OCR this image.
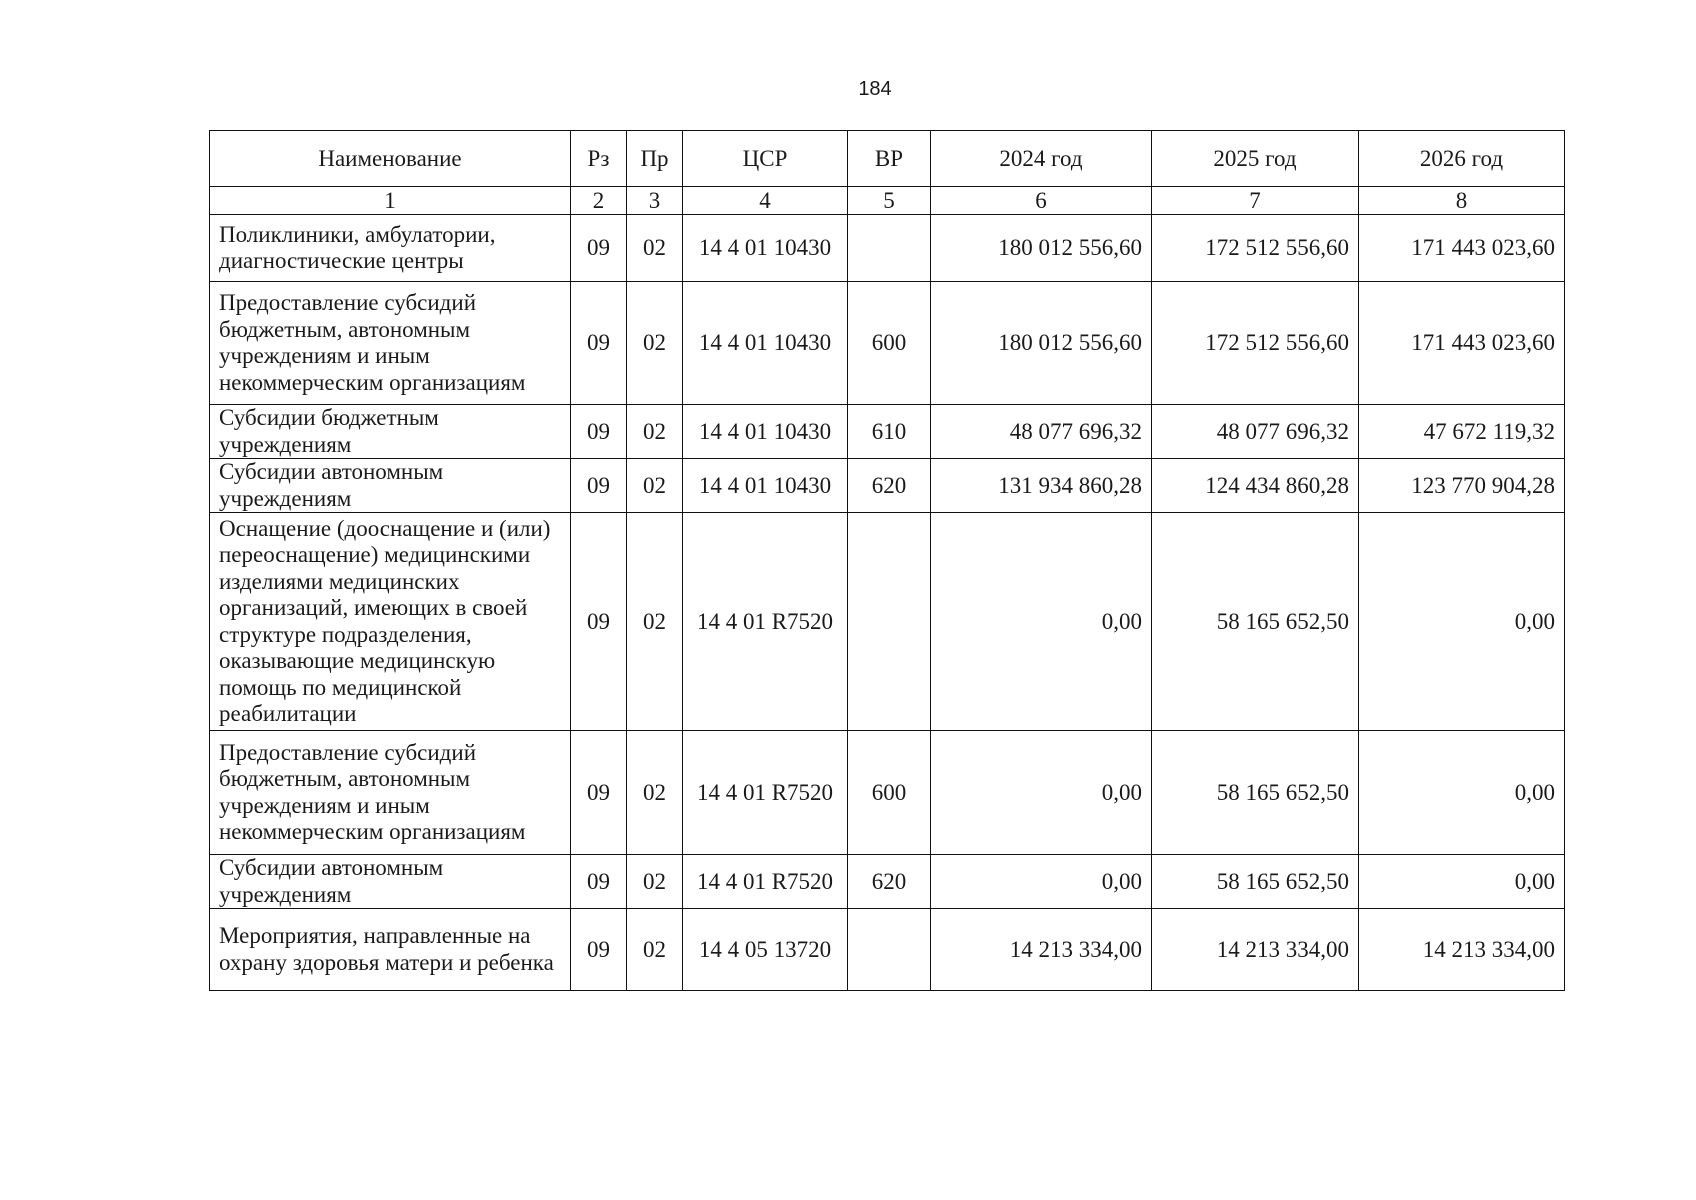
184
Наименование	Рз	Пр	ЦСР	ВР	2024 год	2025 год	2026 год
1	2	3	4	5	6	7	8
Поликлиники, амбулатории, диагностические центры	09	02	14 4 01 10430		180 012 556,60	172 512 556,60	171 443 023,60
Предоставление субсидий бюджетным, автономным учреждениям и иным некоммерческим организациям	09	02	14 4 01 10430	600	180 012 556,60	172 512 556,60	171 443 023,60
Субсидии бюджетным учреждениям	09	02	14 4 01 10430	610	48 077 696,32	48 077 696,32	47 672 119,32
Субсидии автономным учреждениям	09	02	14 4 01 10430	620	131 934 860,28	124 434 860,28	123 770 904,28
Оснащение (дооснащение и (или) переоснащение) медицинскими изделиями медицинских организаций, имеющих в своей структуре подразделения, оказывающие медицинскую помощь по медицинской реабилитации	09	02	14 4 01 R7520		0,00	58 165 652,50	0,00
Предоставление субсидий бюджетным, автономным учреждениям и иным некоммерческим организациям	09	02	14 4 01 R7520	600	0,00	58 165 652,50	0,00
Субсидии автономным учреждениям	09	02	14 4 01 R7520	620	0,00	58 165 652,50	0,00
Мероприятия, направленные на охрану здоровья матери и ребенка	09	02	14 4 05 13720		14 213 334,00	14 213 334,00	14 213 334,00
